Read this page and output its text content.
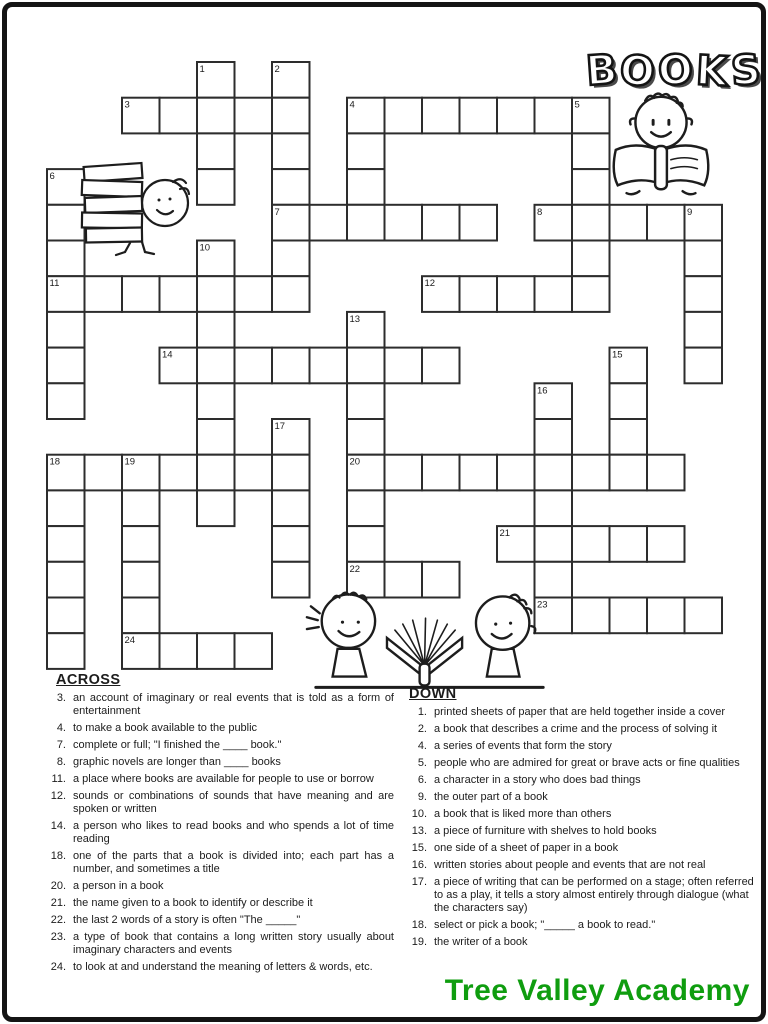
1	2
3	4	5
6
7	8	9
10
11	12
13
14	15
16
17
18	19	20
21
22
23
24
B
O
O
K
S
ACROSS
3. an account of imaginary or real events that is told as a form of entertainment
4. to make a book available to the public
7. complete or full; "I finished the ____ book."
8. graphic novels are longer than ____ books
11. a place where books are available for people to use or borrow
12. sounds or combinations of sounds that have meaning and are spoken or written
14. a person who likes to read books and who spends a lot of time reading
18. one of the parts that a book is divided into; each part has a number, and sometimes a title
20. a person in a book
21. the name given to a book to identify or describe it
22. the last 2 words of a story is often "The _____"
23. a type of book that contains a long written story usually about imaginary characters and events
24. to look at and understand the meaning of letters & words, etc.
DOWN
1. printed sheets of paper that are held together inside a cover
2. a book that describes a crime and the process of solving it
4. a series of events that form the story
5. people who are admired for great or brave acts or fine qualities
6. a character in a story who does bad things
9. the outer part of a book
10. a book that is liked more than others
13. a piece of furniture with shelves to hold books
15. one side of a sheet of paper in a book
16. written stories about people and events that are not real
17. a piece of writing that can be performed on a stage; often referred to as a play, it tells a story almost entirely through dialogue (what the characters say)
18. select or pick a book; "_____ a book to read."
19. the writer of a book

Tree Valley Academy
